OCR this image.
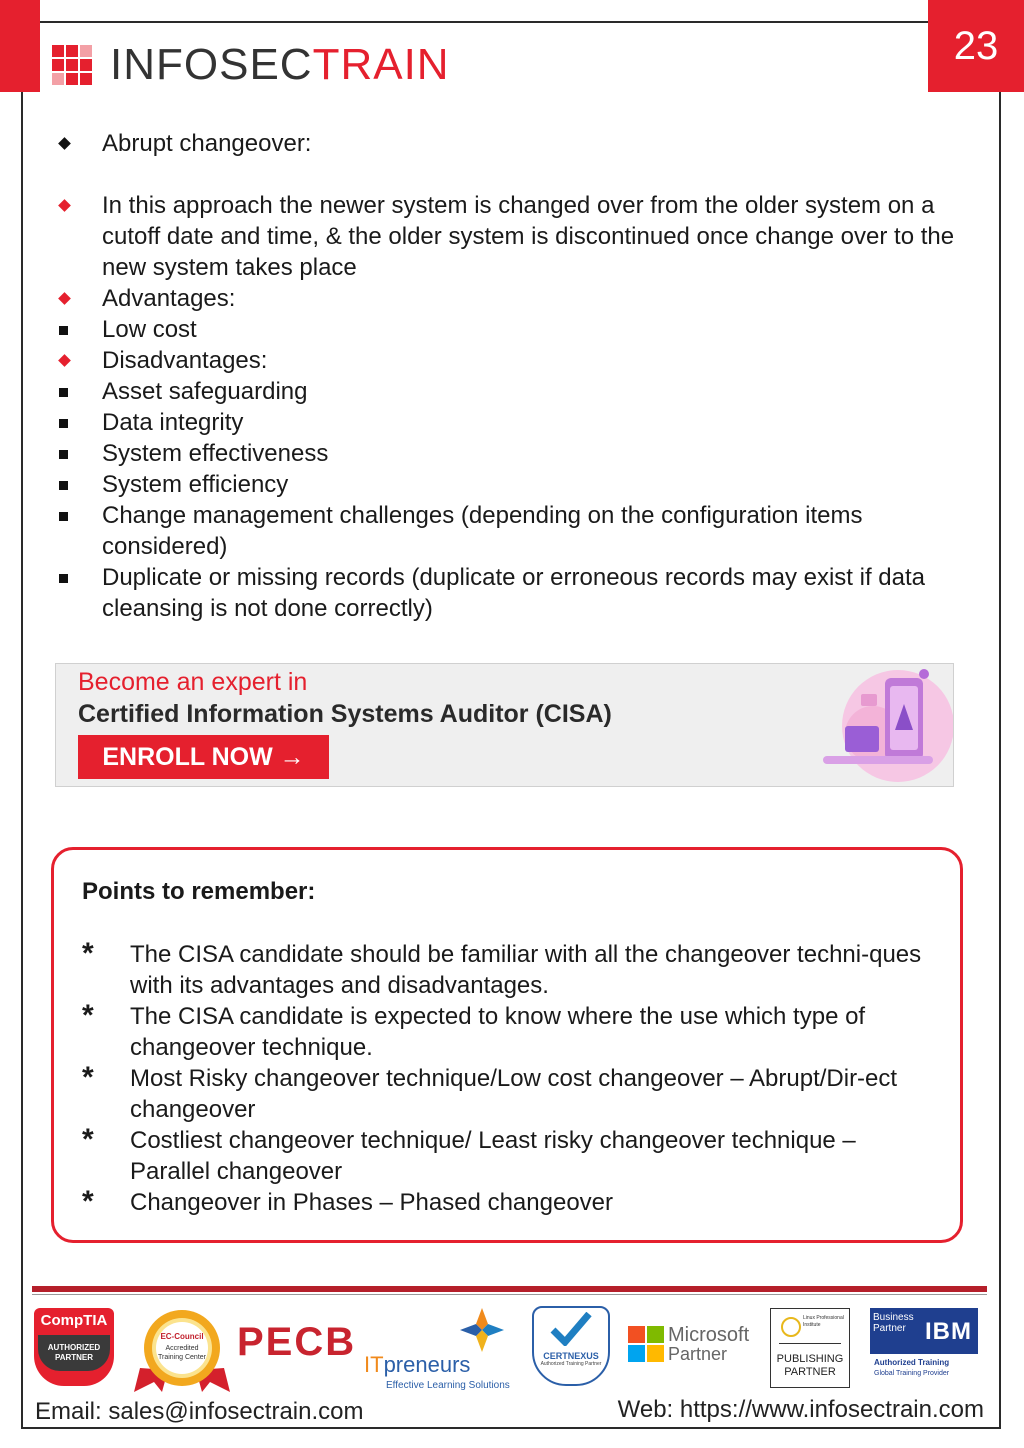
23
INFOSECTRAIN
Abrupt changeover:
In this approach the newer system is changed over from the older system on a cutoff date and time, & the older system is discontinued once change over to the new system takes place
Advantages:
Low cost
Disadvantages:
Asset safeguarding
Data integrity
System effectiveness
System efficiency
Change management challenges (depending on the configuration items considered)
Duplicate or missing records (duplicate or erroneous records may exist if data cleansing is not done correctly)
Become an expert in
Certified Information Systems Auditor (CISA)
ENROLL NOW →
Points to remember:
* The CISA candidate should be familiar with all the changeover techni-ques with its advantages and disadvantages.
* The CISA candidate is expected to know where the use which type of changeover technique.
* Most Risky changeover technique/Low cost changeover – Abrupt/Dir-ect changeover
* Costliest changeover technique/ Least risky changeover technique – Parallel changeover
* Changeover in Phases – Phased changeover
CompTIA
AUTHORIZED PARTNER
EC-Council
Accredited Training Center PECB
ITpreneurs
Effective Learning Solutions
CERTNEXUS
Authorized Training Partner
Microsoft
Partner
Linux Professional Institute
PUBLISHING PARTNER
Business Partner IBM
Authorized Training
Global Training Provider
Email: sales@infosectrain.com	Web: https://www.infosectrain.com
